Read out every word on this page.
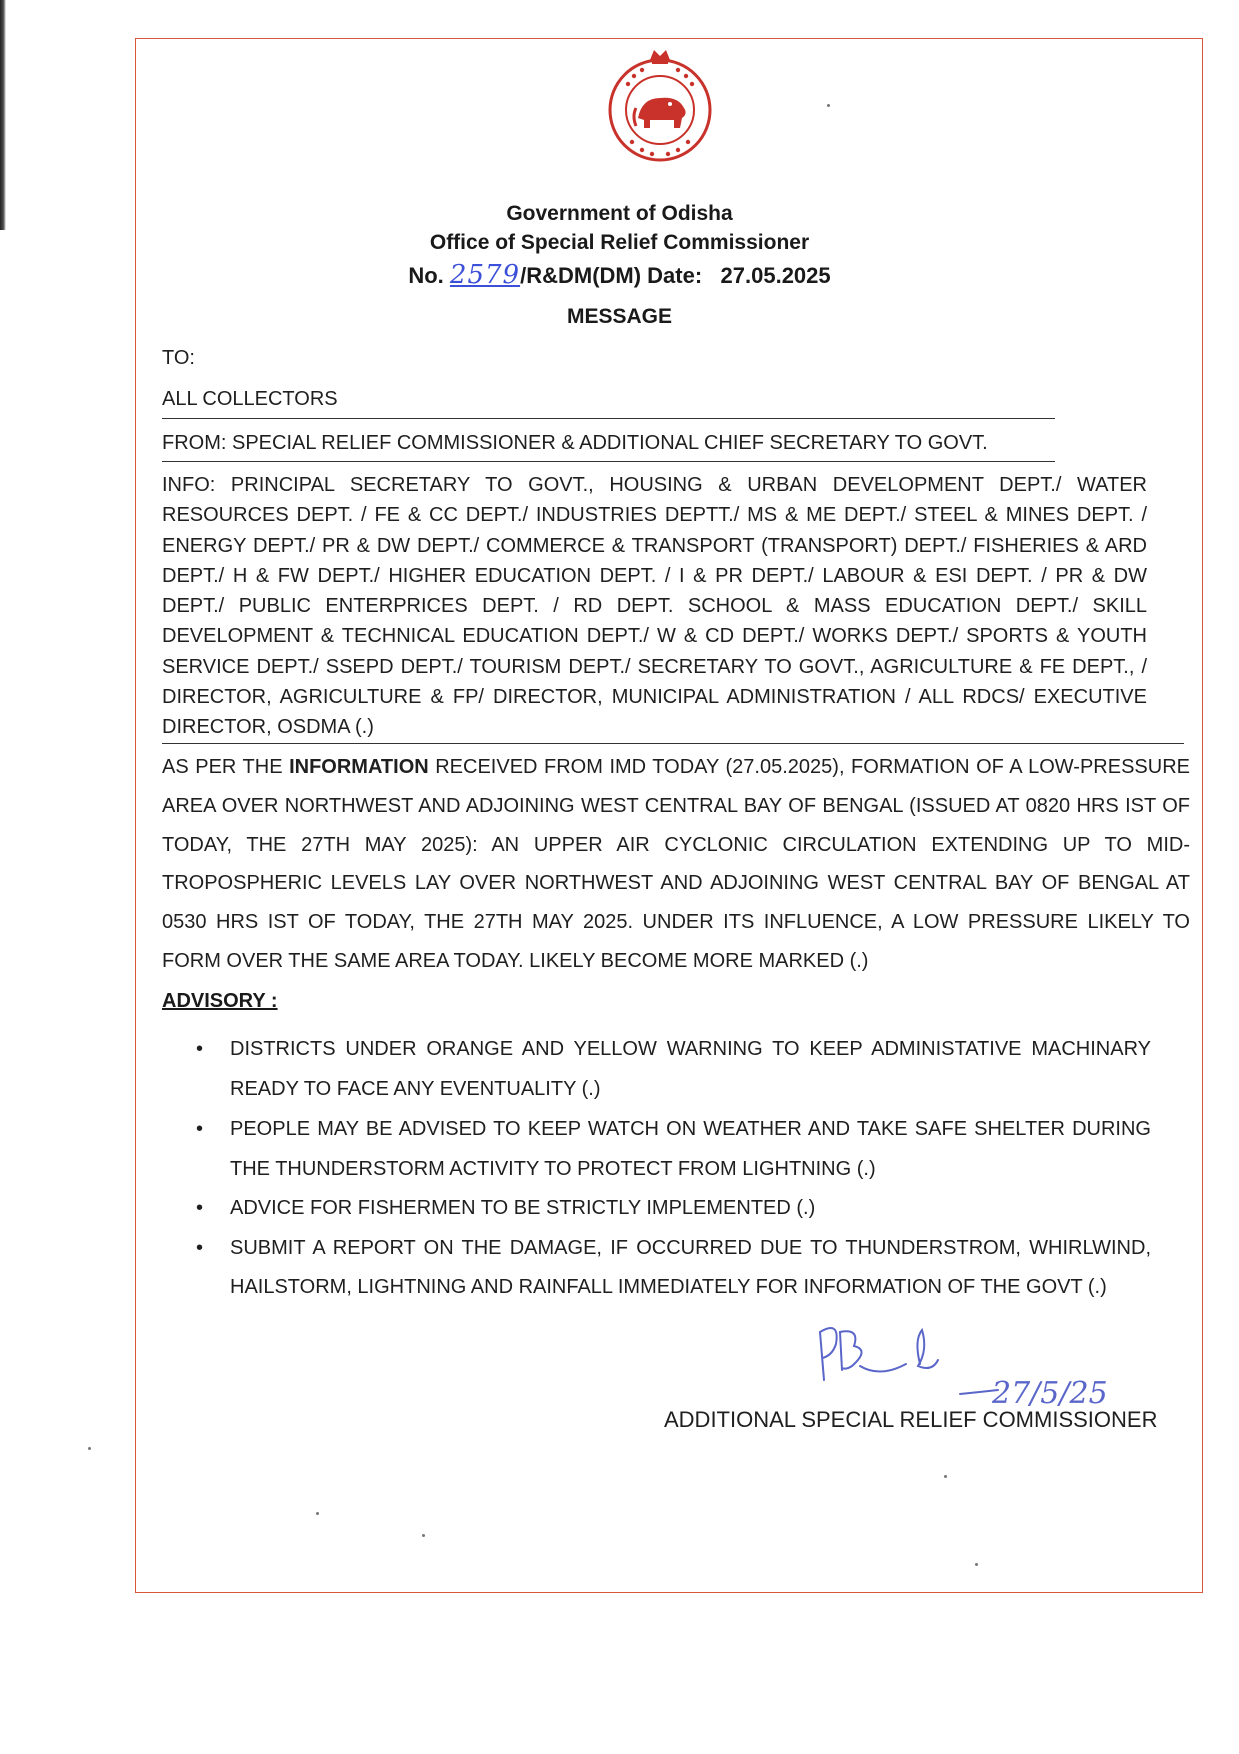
Government of Odisha
Office of Special Relief Commissioner
No. 2579/R&DM(DM) Date:   27.05.2025
MESSAGE
TO:
ALL COLLECTORS
FROM: SPECIAL RELIEF COMMISSIONER & ADDITIONAL CHIEF SECRETARY TO GOVT.
INFO: PRINCIPAL SECRETARY TO GOVT., HOUSING & URBAN DEVELOPMENT DEPT./ WATER RESOURCES DEPT. / FE & CC DEPT./ INDUSTRIES DEPTT./ MS & ME DEPT./ STEEL & MINES DEPT. / ENERGY DEPT./ PR & DW DEPT./ COMMERCE & TRANSPORT (TRANSPORT) DEPT./ FISHERIES & ARD DEPT./ H & FW DEPT./ HIGHER EDUCATION DEPT. / I & PR DEPT./ LABOUR & ESI DEPT. / PR & DW DEPT./ PUBLIC ENTERPRICES DEPT. / RD DEPT. SCHOOL & MASS EDUCATION DEPT./ SKILL DEVELOPMENT & TECHNICAL EDUCATION DEPT./ W & CD DEPT./ WORKS DEPT./ SPORTS & YOUTH SERVICE DEPT./ SSEPD DEPT./ TOURISM DEPT./ SECRETARY TO GOVT., AGRICULTURE & FE DEPT., / DIRECTOR, AGRICULTURE & FP/ DIRECTOR, MUNICIPAL ADMINISTRATION / ALL RDCS/ EXECUTIVE DIRECTOR, OSDMA (.)
AS PER THE INFORMATION RECEIVED FROM IMD TODAY (27.05.2025), FORMATION OF A LOW-PRESSURE AREA OVER NORTHWEST AND ADJOINING WEST CENTRAL BAY OF BENGAL (ISSUED AT 0820 HRS IST OF TODAY, THE 27TH MAY 2025): AN UPPER AIR CYCLONIC CIRCULATION EXTENDING UP TO MID-TROPOSPHERIC LEVELS LAY OVER NORTHWEST AND ADJOINING WEST CENTRAL BAY OF BENGAL AT 0530 HRS IST OF TODAY, THE 27TH MAY 2025. UNDER ITS INFLUENCE, A LOW PRESSURE LIKELY TO FORM OVER THE SAME AREA TODAY. LIKELY BECOME MORE MARKED (.)
ADVISORY :
• DISTRICTS UNDER ORANGE AND YELLOW WARNING TO KEEP ADMINISTATIVE MACHINARY READY TO FACE ANY EVENTUALITY (.)
• PEOPLE MAY BE ADVISED TO KEEP WATCH ON WEATHER AND TAKE SAFE SHELTER DURING THE THUNDERSTORM ACTIVITY TO PROTECT FROM LIGHTNING (.)
• ADVICE FOR FISHERMEN TO BE STRICTLY IMPLEMENTED (.)
• SUBMIT A REPORT ON THE DAMAGE, IF OCCURRED DUE TO THUNDERSTROM, WHIRLWIND, HAILSTORM, LIGHTNING AND RAINFALL IMMEDIATELY FOR INFORMATION OF THE GOVT (.)
27/5/25
ADDITIONAL SPECIAL RELIEF COMMISSIONER
